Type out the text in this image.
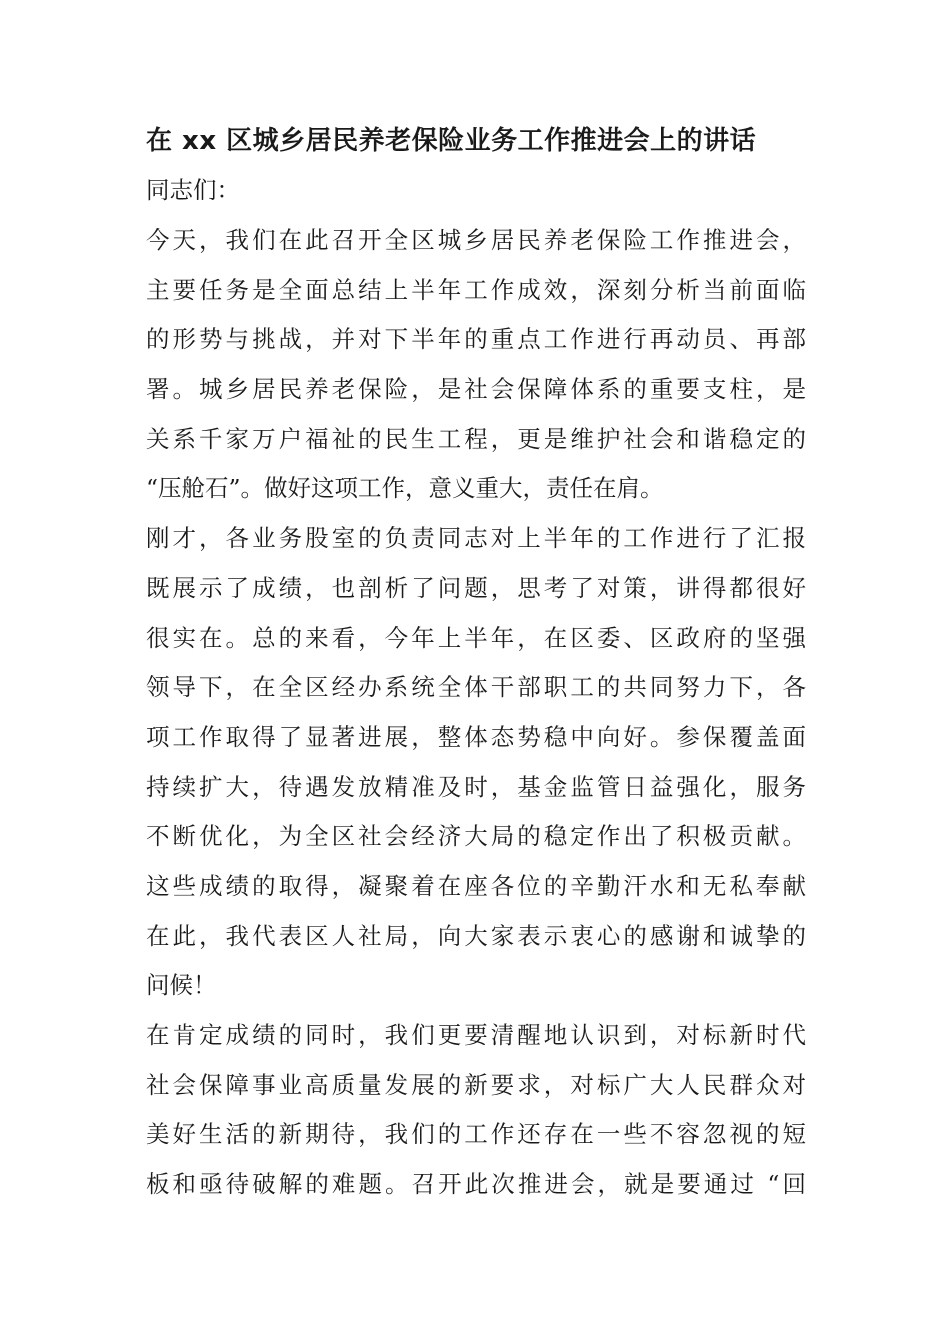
在 xx 区城乡居民养老保险业务工作推进会上的讲话
同志们：
今天，我们在此召开全区城乡居民养老保险工作推进会，
主要任务是全面总结上半年工作成效，深刻分析当前面临
的形势与挑战，并对下半年的重点工作进行再动员、再部
署。城乡居民养老保险，是社会保障体系的重要支柱，是
关系千家万户福祉的民生工程，更是维护社会和谐稳定的
“压舱石”。做好这项工作，意义重大，责任在肩。
刚才，各业务股室的负责同志对上半年的工作进行了汇报
既展示了成绩，也剖析了问题，思考了对策，讲得都很好
很实在。总的来看，今年上半年，在区委、区政府的坚强
领导下，在全区经办系统全体干部职工的共同努力下，各
项工作取得了显著进展，整体态势稳中向好。参保覆盖面
持续扩大，待遇发放精准及时，基金监管日益强化，服务
不断优化，为全区社会经济大局的稳定作出了积极贡献。
这些成绩的取得，凝聚着在座各位的辛勤汗水和无私奉献
在此，我代表区人社局，向大家表示衷心的感谢和诚挚的
问候！
在肯定成绩的同时，我们更要清醒地认识到，对标新时代
社会保障事业高质量发展的新要求，对标广大人民群众对
美好生活的新期待，我们的工作还存在一些不容忽视的短
板和亟待破解的难题。召开此次推进会，就是要通过 “回
